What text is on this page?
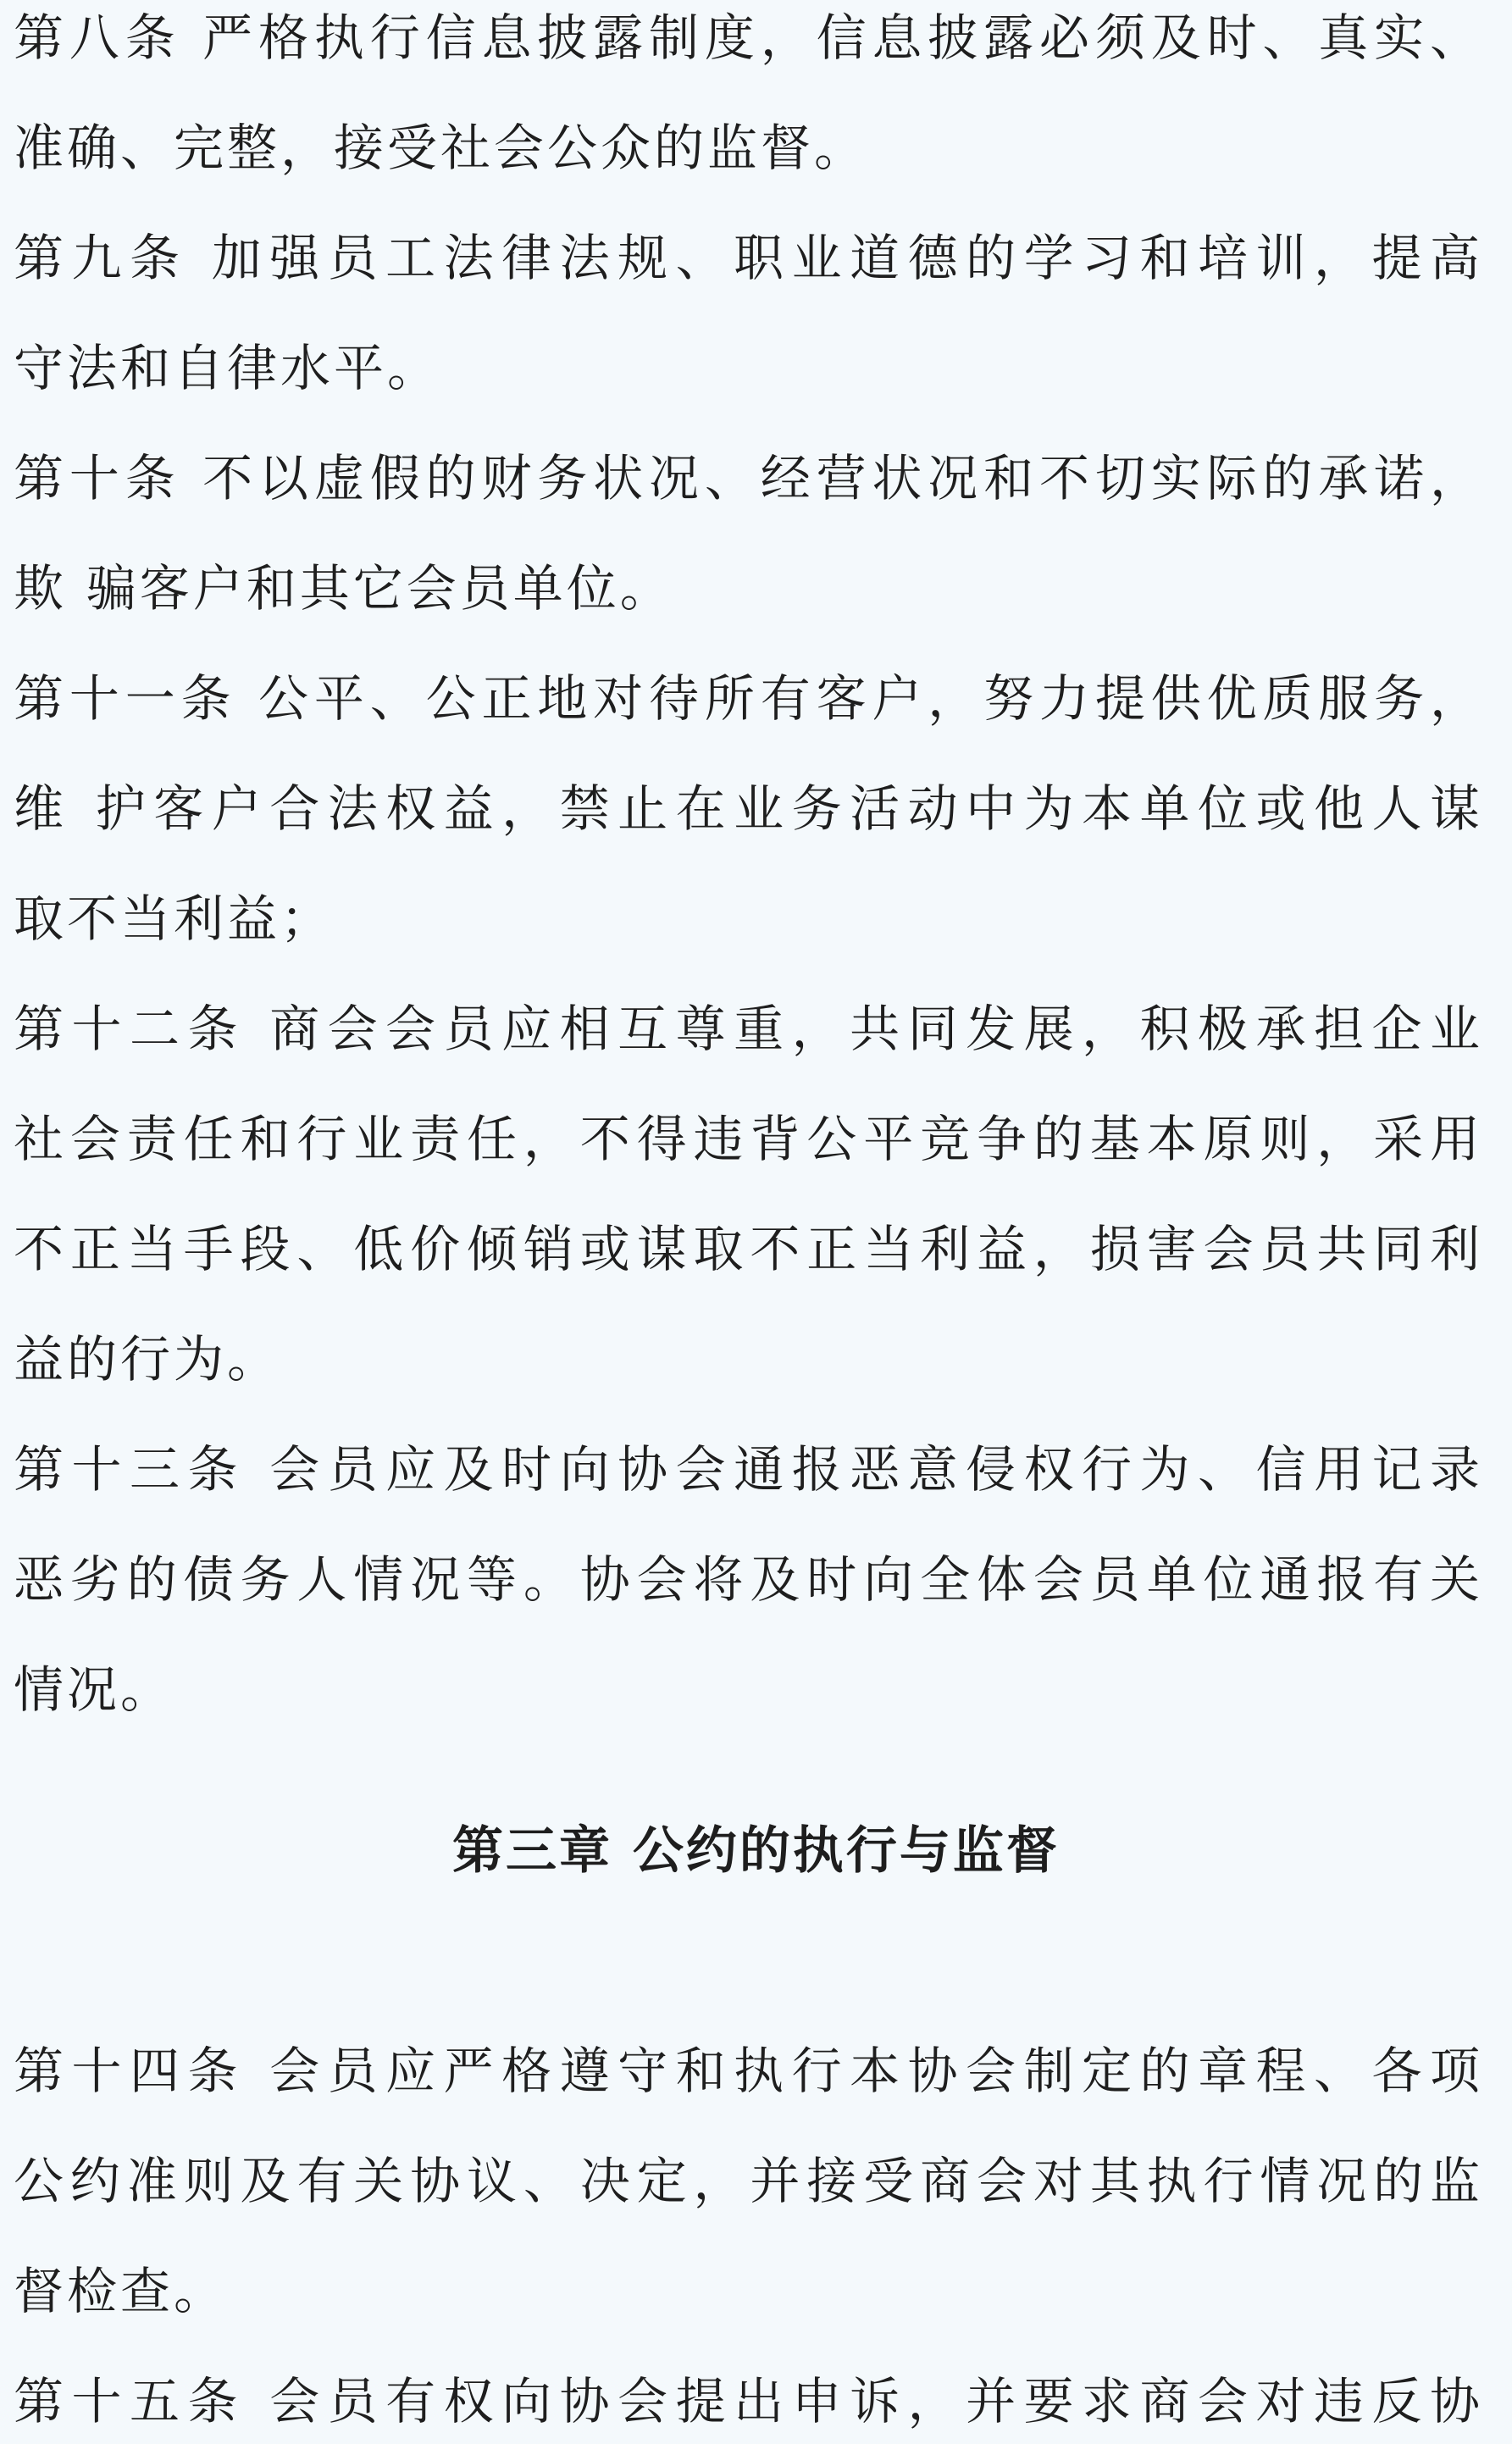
第八条 严格执行信息披露制度，信息披露必须及时、真实、
准确、完整，接受社会公众的监督。
第九条 加强员工法律法规、职业道德的学习和培训，提高
守法和自律水平。
第十条 不以虚假的财务状况、经营状况和不切实际的承诺，
欺 骗客户和其它会员单位。
第十一条 公平、公正地对待所有客户，努力提供优质服务，
维 护客户合法权益，禁止在业务活动中为本单位或他人谋
取不当利益；
第十二条 商会会员应相互尊重，共同发展，积极承担企业
社会责任和行业责任，不得违背公平竞争的基本原则，采用
不正当手段、低价倾销或谋取不正当利益，损害会员共同利
益的行为。
第十三条 会员应及时向协会通报恶意侵权行为、信用记录
恶劣的债务人情况等。协会将及时向全体会员单位通报有关
情况。
第三章 公约的执行与监督
第十四条 会员应严格遵守和执行本协会制定的章程、各项
公约准则及有关协议、决定，并接受商会对其执行情况的监
督检查。
第十五条 会员有权向协会提出申诉，并要求商会对违反协
